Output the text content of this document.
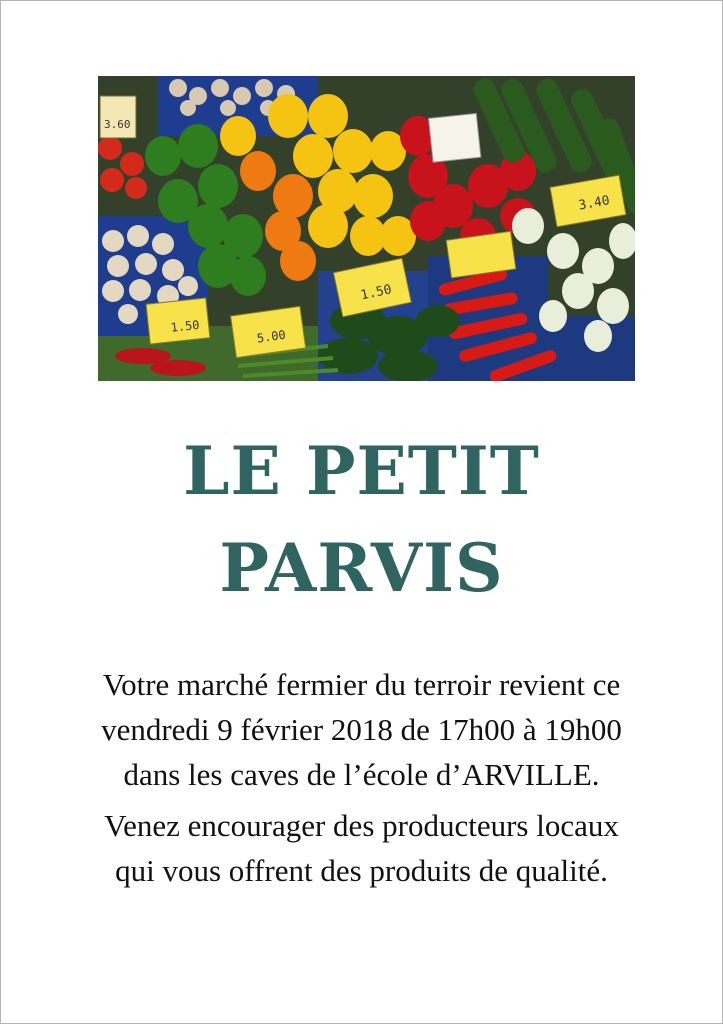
3.60
3.40
1.50
5.00
1.50
LE PETIT
PARVIS
Votre marché fermier du terroir revient ce
vendredi 9 février 2018 de 17h00 à 19h00
dans les caves de l’école d’ARVILLE.
Venez encourager des producteurs locaux
qui vous offrent des produits de qualité.
